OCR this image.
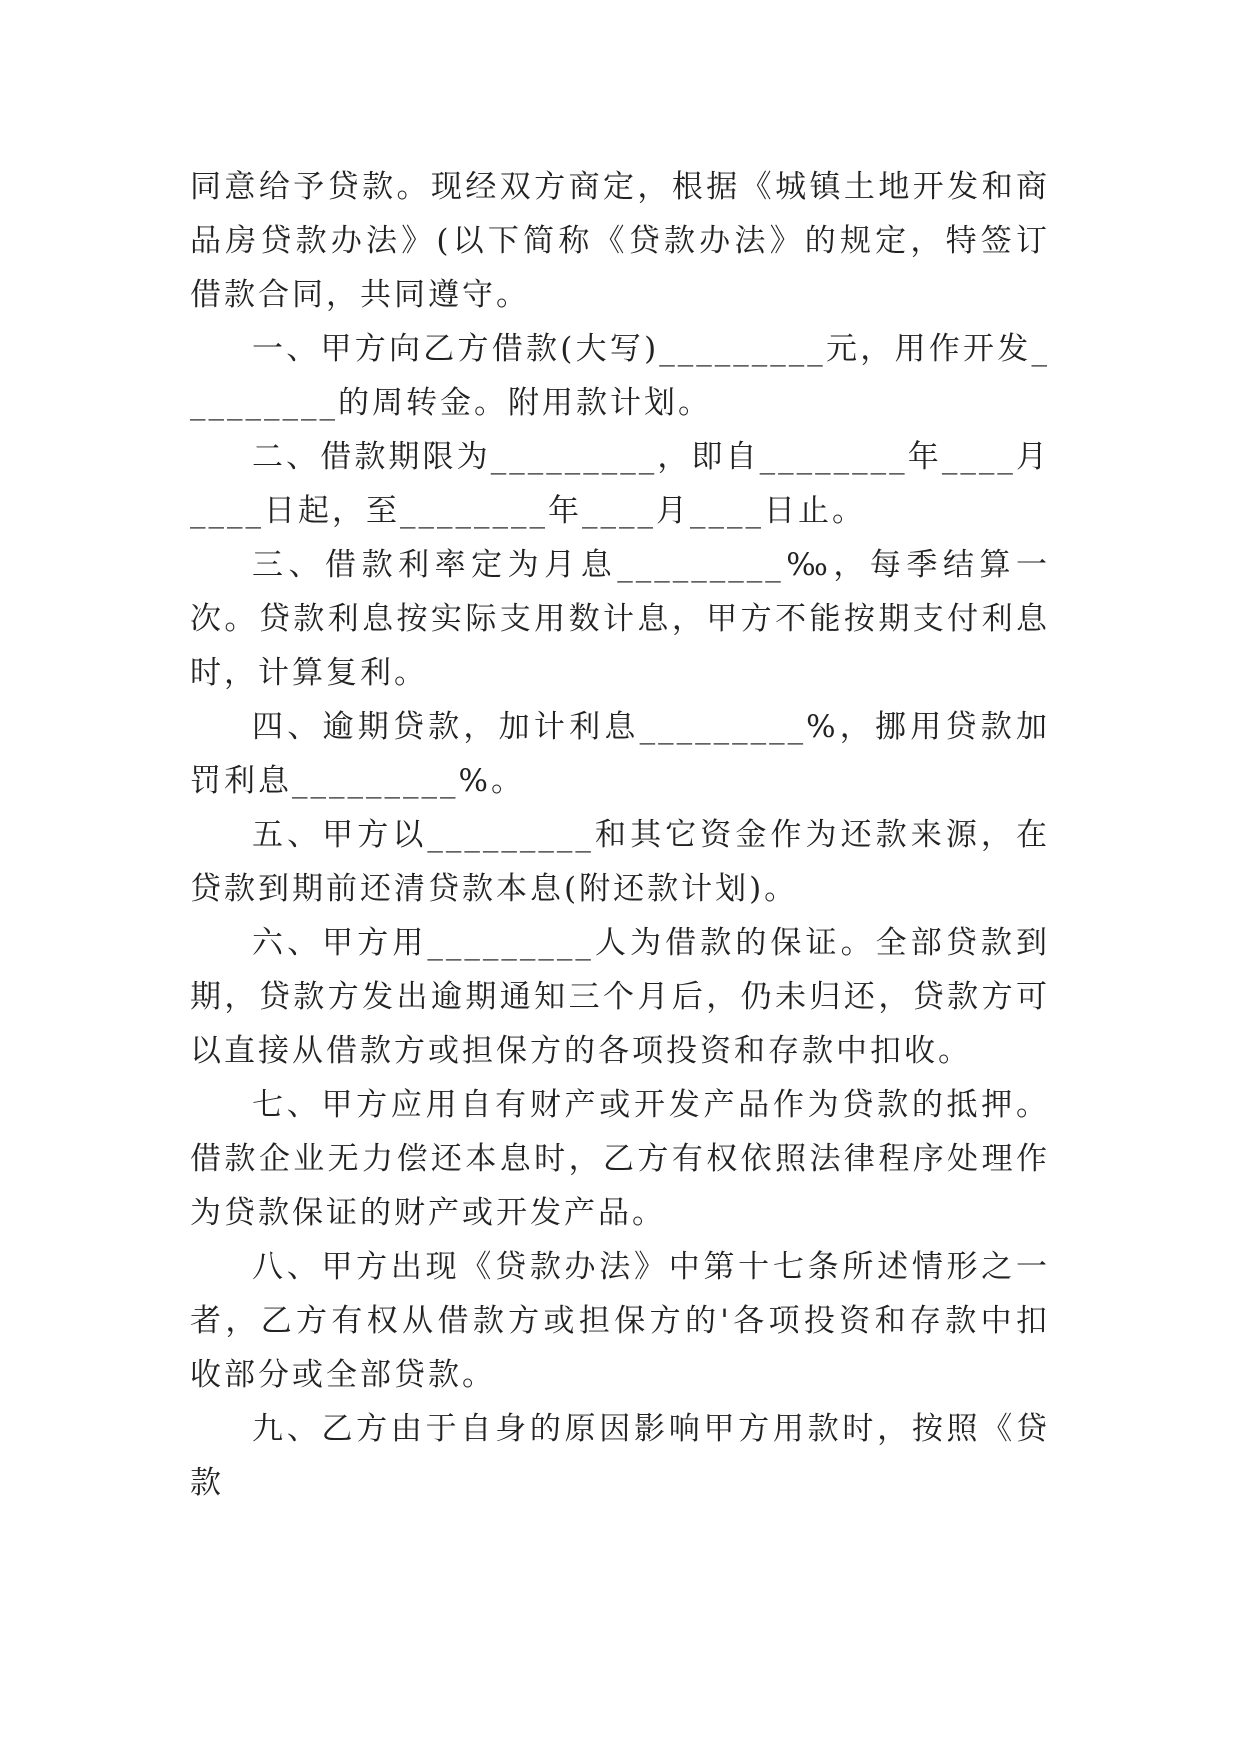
同意给予贷款。现经双方商定，根据《城镇土地开发和商品房贷款办法》(以下简称《贷款办法》的规定，特签订借款合同，共同遵守。

一、甲方向乙方借款(大写)_________元，用作开发_________的周转金。附用款计划。

二、借款期限为_________，即自________年____月____日起，至________年____月____日止。

三、借款利率定为月息_________‰，每季结算一次。贷款利息按实际支用数计息，甲方不能按期支付利息时，计算复利。

四、逾期贷款，加计利息_________%，挪用贷款加罚利息_________%。

五、甲方以_________和其它资金作为还款来源，在贷款到期前还清贷款本息(附还款计划)。

六、甲方用_________人为借款的保证。全部贷款到期，贷款方发出逾期通知三个月后，仍未归还，贷款方可以直接从借款方或担保方的各项投资和存款中扣收。

七、甲方应用自有财产或开发产品作为贷款的抵押。借款企业无力偿还本息时，乙方有权依照法律程序处理作为贷款保证的财产或开发产品。

八、甲方出现《贷款办法》中第十七条所述情形之一者，乙方有权从借款方或担保方的'各项投资和存款中扣收部分或全部贷款。

九、乙方由于自身的原因影响甲方用款时，按照《贷款
